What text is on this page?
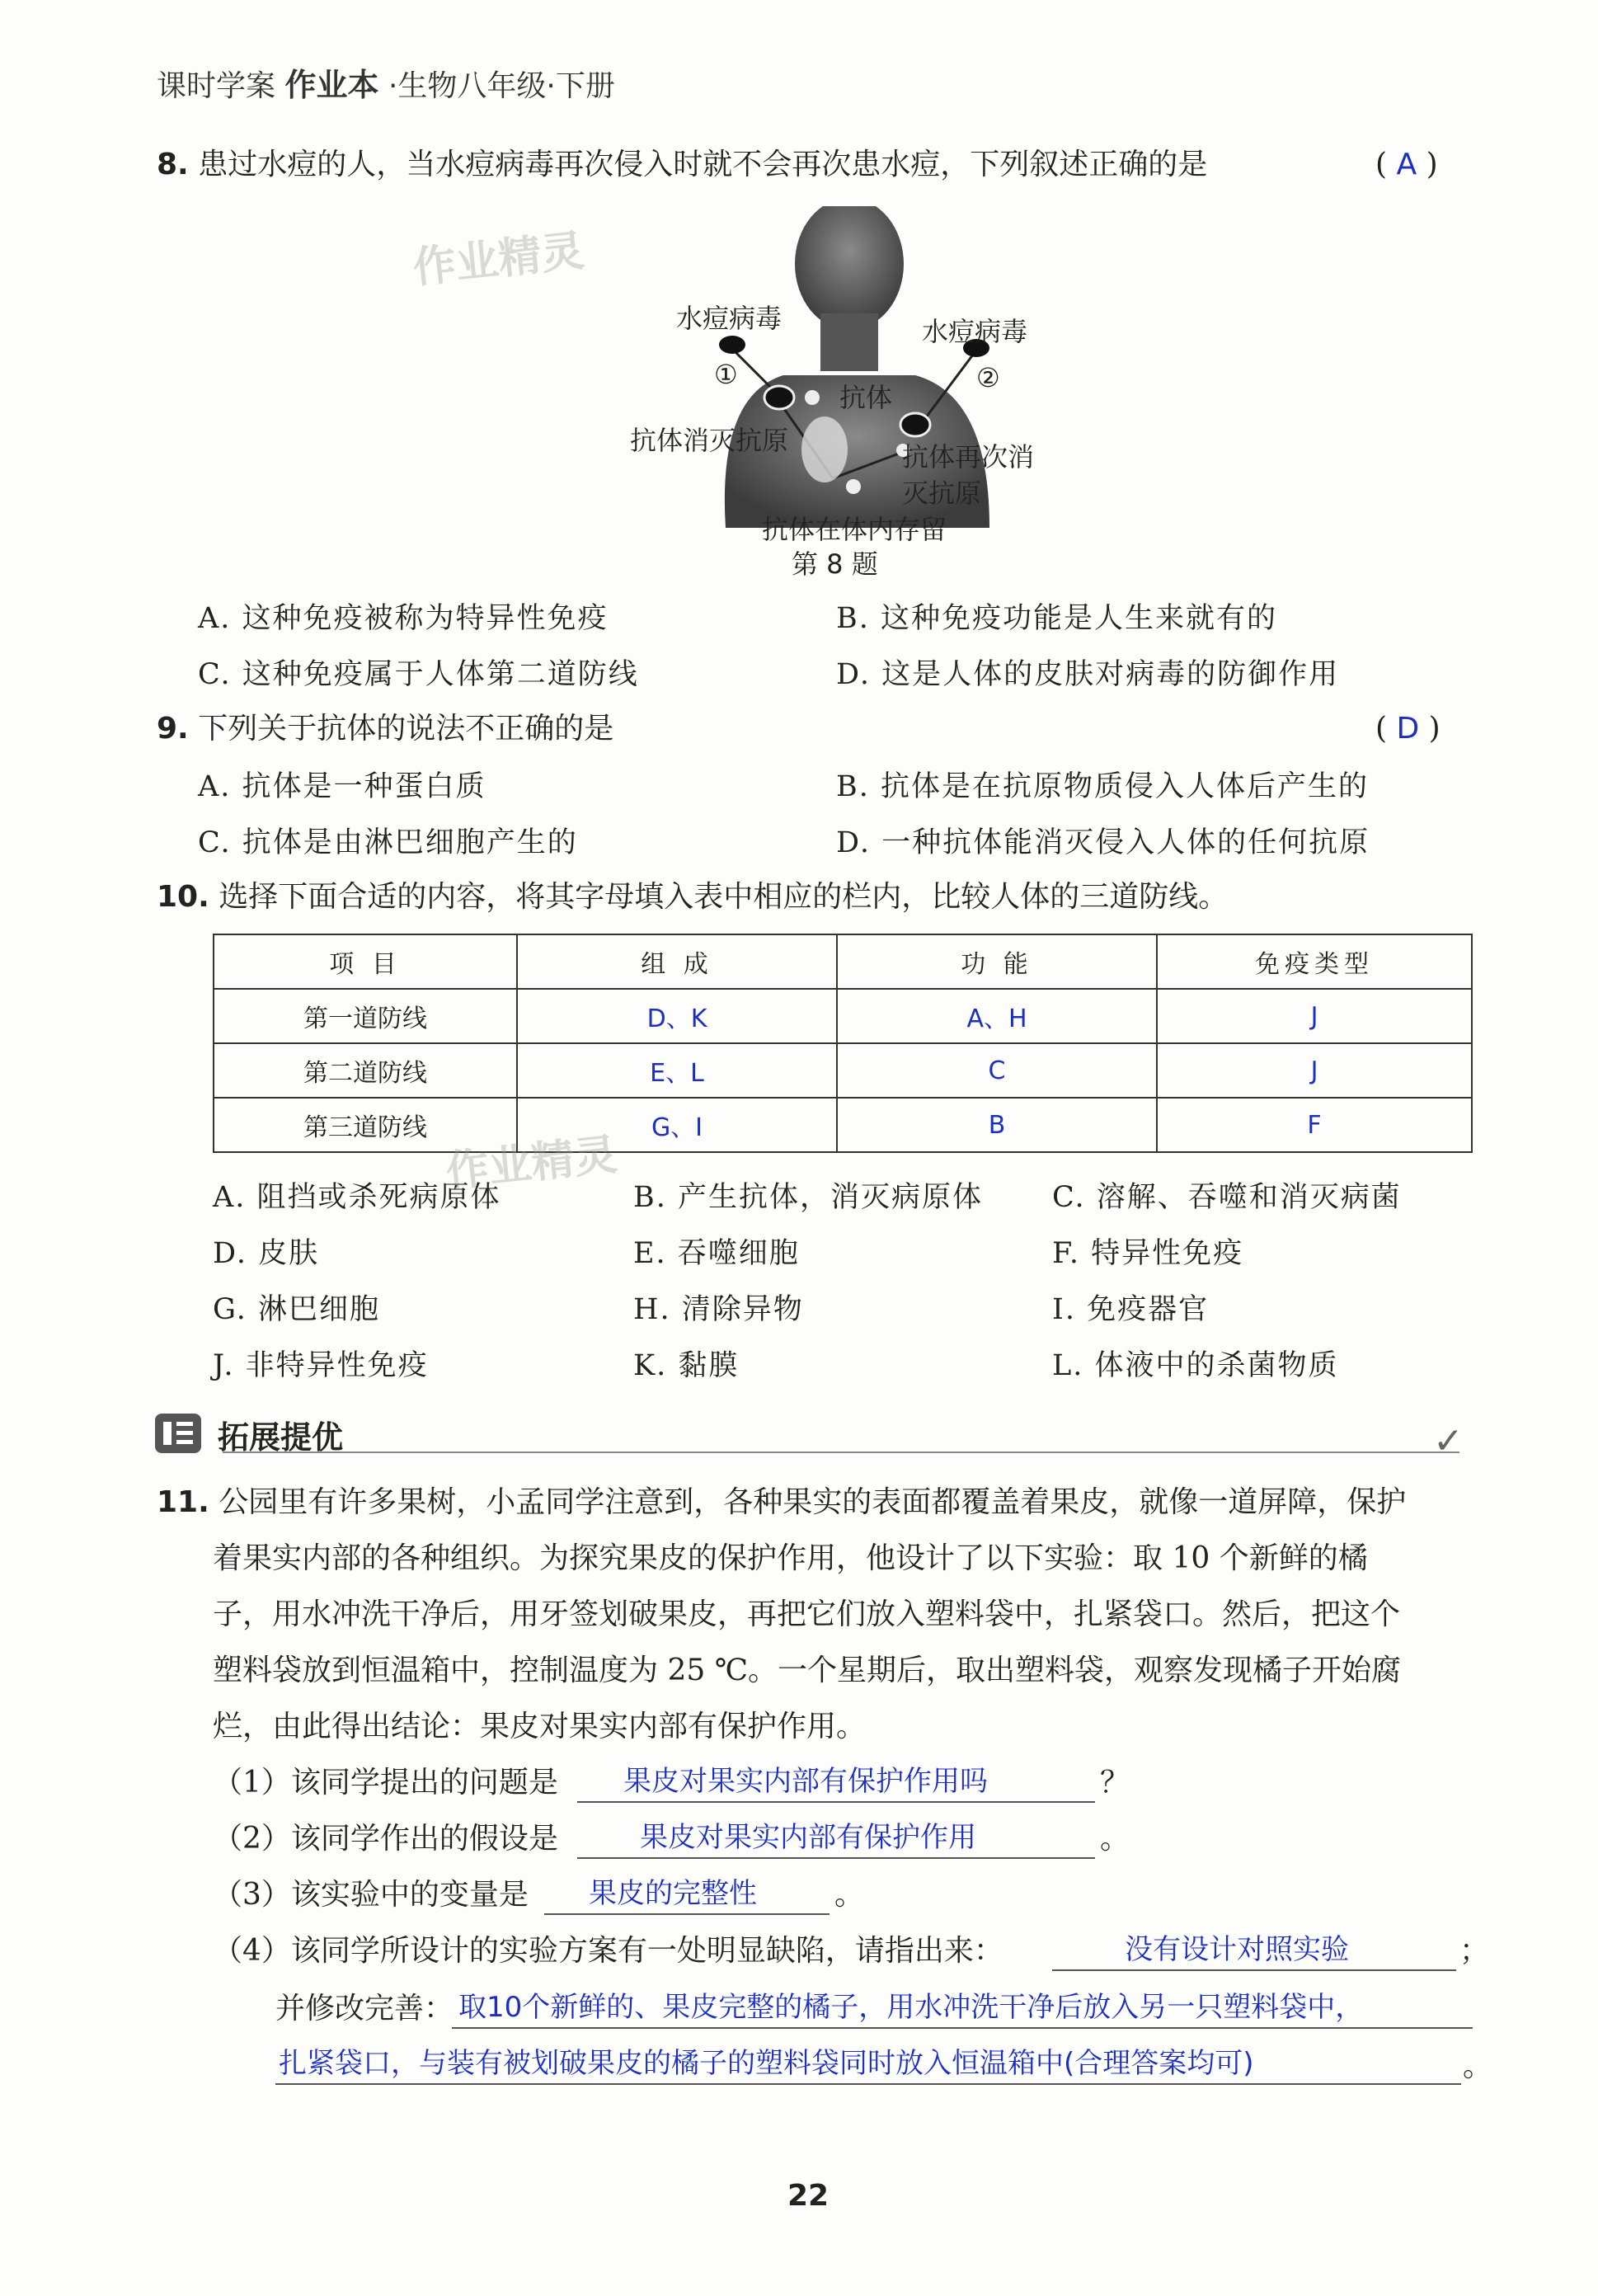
课时学案 作业本 ·生物八年级·下册
8. 患过水痘的人，当水痘病毒再次侵入时就不会再次患水痘，下列叙述正确的是	( A )
作业精灵
水痘病毒	水痘病毒
①	②
抗体
抗体消灭抗原
抗体再次消
灭抗原
抗体在体内存留
第 8 题
A. 这种免疫被称为特异性免疫	B. 这种免疫功能是人生来就有的
C. 这种免疫属于人体第二道防线	D. 这是人体的皮肤对病毒的防御作用
9. 下列关于抗体的说法不正确的是	( D )
A. 抗体是一种蛋白质	B. 抗体是在抗原物质侵入人体后产生的
C. 抗体是由淋巴细胞产生的	D. 一种抗体能消灭侵入人体的任何抗原
10. 选择下面合适的内容，将其字母填入表中相应的栏内，比较人体的三道防线。
项 目	组 成	功 能	免疫类型
第一道防线	D、K	A、H	J
第二道防线	E、L	C	J
第三道防线	G、I	B	F
作业精灵
A. 阻挡或杀死病原体	B. 产生抗体，消灭病原体 C. 溶解、吞噬和消灭病菌
D. 皮肤	E. 吞噬细胞	F. 特异性免疫
G. 淋巴细胞	H. 清除异物	I. 免疫器官
J. 非特异性免疫	K. 黏膜	L. 体液中的杀菌物质
拓展提优	✓
11. 公园里有许多果树，小孟同学注意到，各种果实的表面都覆盖着果皮，就像一道屏障，保护
着果实内部的各种组织。为探究果皮的保护作用，他设计了以下实验：取 10 个新鲜的橘
子，用水冲洗干净后，用牙签划破果皮，再把它们放入塑料袋中，扎紧袋口。然后，把这个
塑料袋放到恒温箱中，控制温度为 25 ℃。一个星期后，取出塑料袋，观察发现橘子开始腐
烂，由此得出结论：果皮对果实内部有保护作用。
（1）该同学提出的问题是 果皮对果实内部有保护作用吗	？
（2）该同学作出的假设是	果皮对果实内部有保护作用	。
（3）该实验中的变量是 果皮的完整性	。
（4）该同学所设计的实验方案有一处明显缺陷，请指出来：	没有设计对照实验	；
并修改完善： 取10个新鲜的、果皮完整的橘子，用水冲洗干净后放入另一只塑料袋中，
扎紧袋口，与装有被划破果皮的橘子的塑料袋同时放入恒温箱中(合理答案均可)	。
22
